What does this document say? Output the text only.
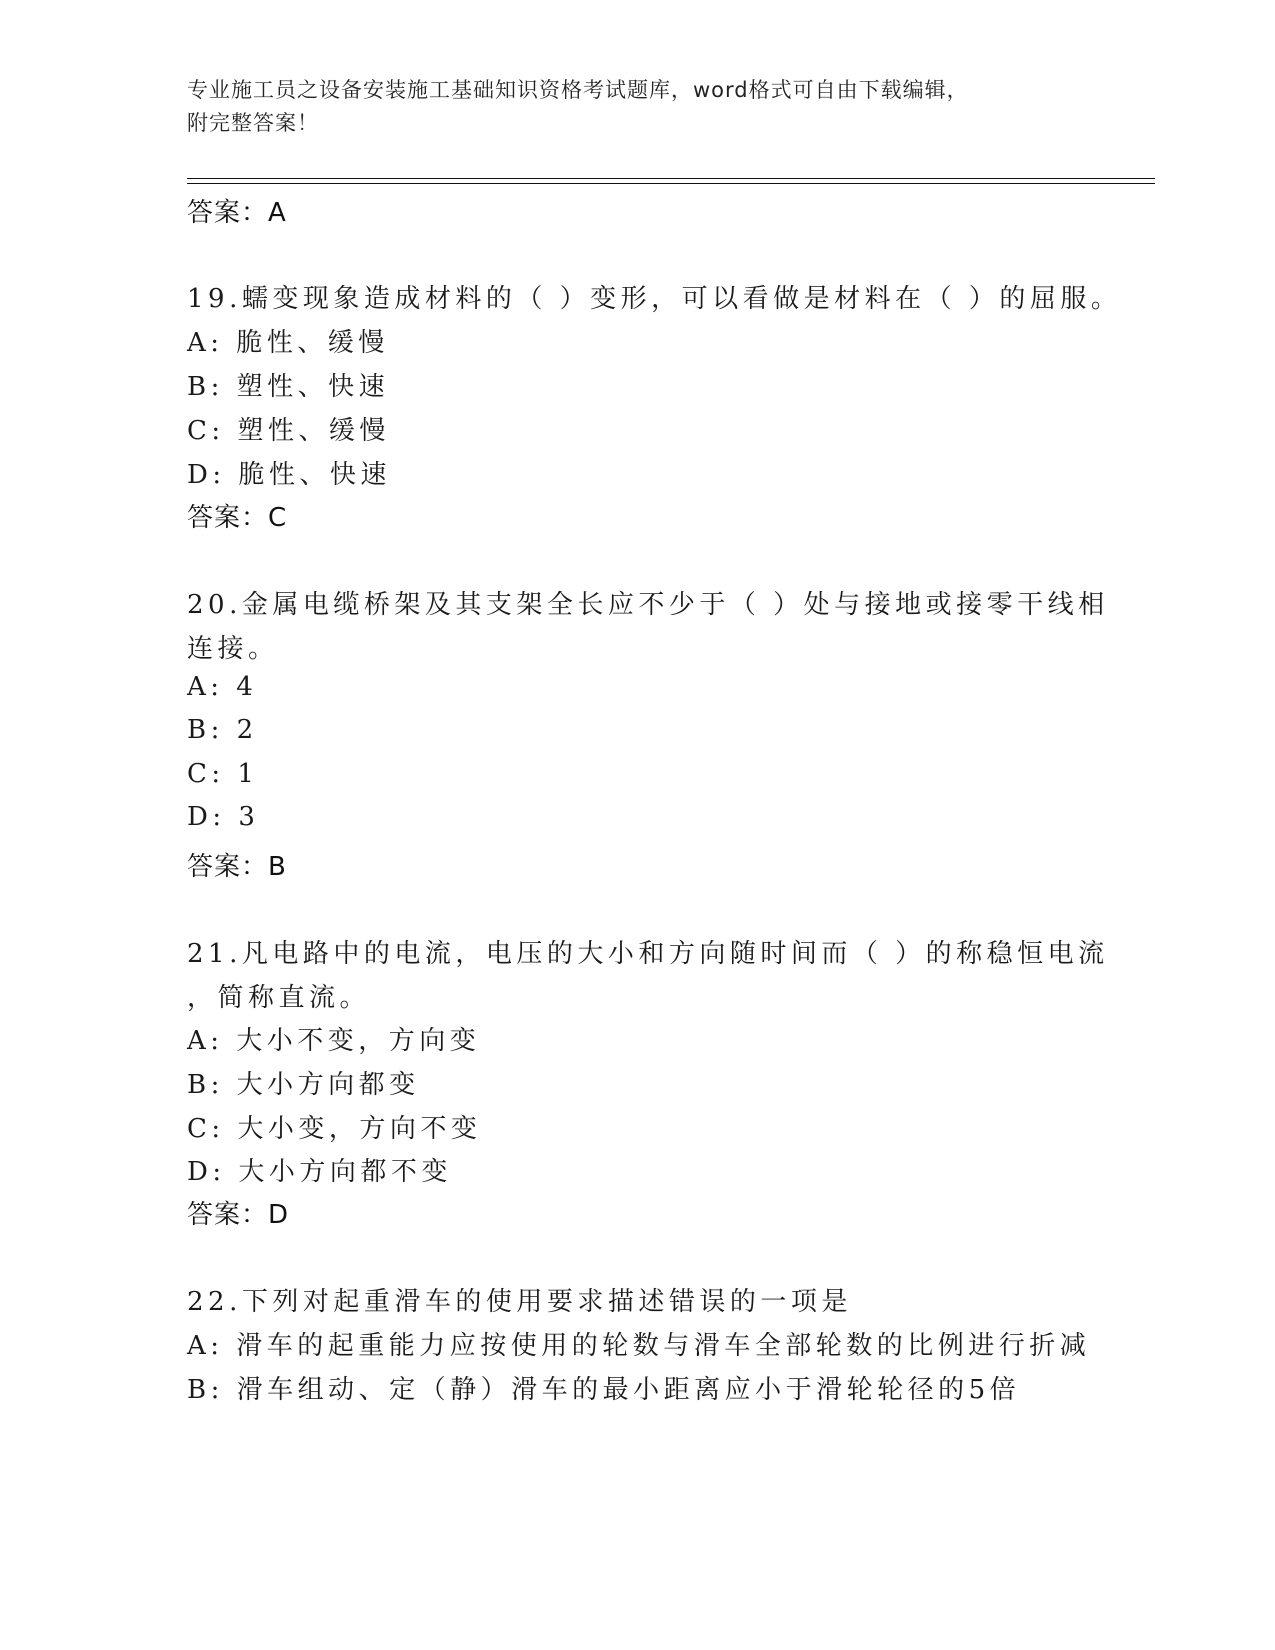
专业施工员之设备安装施工基础知识资格考试题库，word格式可自由下载编辑，
附完整答案！
答案：A
19.蠕变现象造成材料的（ ）变形，可以看做是材料在（ ）的屈服。
A: 脆性、缓慢
B: 塑性、快速
C: 塑性、缓慢
D: 脆性、快速
答案：C
20.金属电缆桥架及其支架全长应不少于（ ）处与接地或接零干线相
连接。
A: 4
B: 2
C: 1
D: 3
答案：B
21.凡电路中的电流，电压的大小和方向随时间而（ ）的称稳恒电流
，简称直流。
A: 大小不变，方向变
B: 大小方向都变
C: 大小变，方向不变
D: 大小方向都不变
答案：D
22.下列对起重滑车的使用要求描述错误的一项是
A: 滑车的起重能力应按使用的轮数与滑车全部轮数的比例进行折减
B: 滑车组动、定（静）滑车的最小距离应小于滑轮轮径的5倍
